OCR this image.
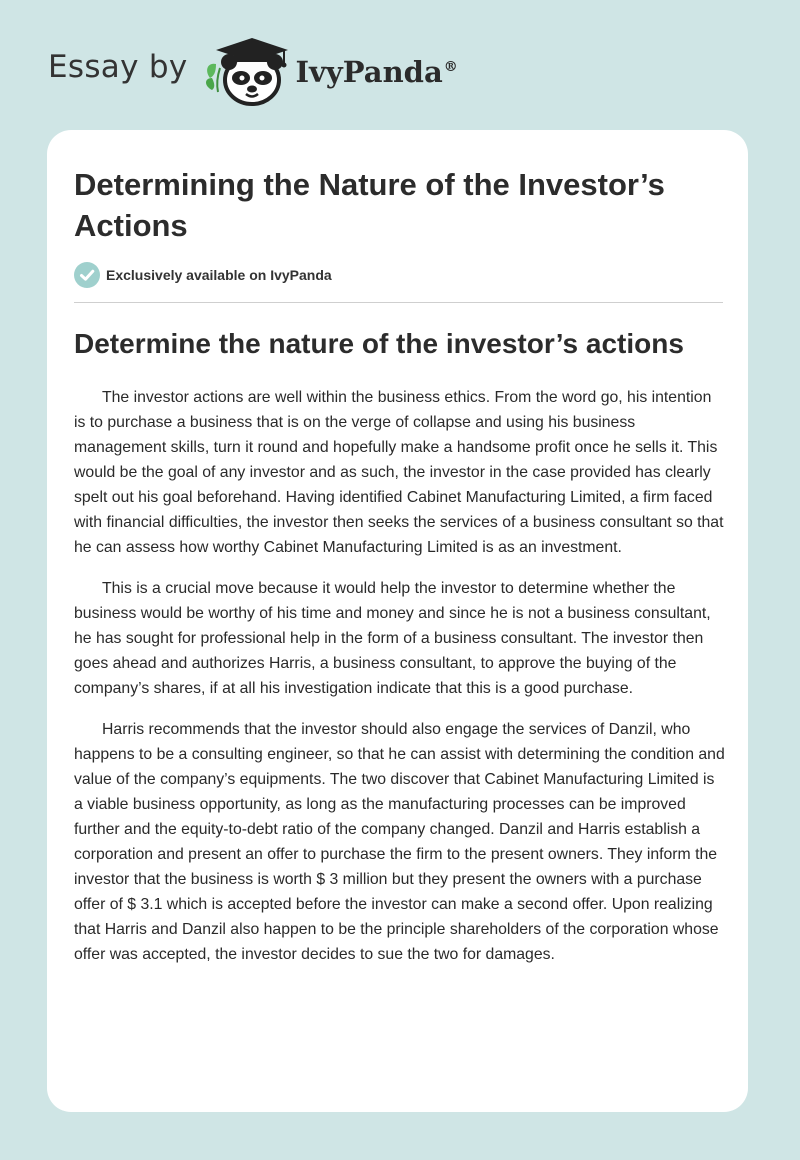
Essay by	IvyPanda®
Determining the Nature of the Investor’s Actions
Exclusively available on IvyPanda
Determine the nature of the investor’s actions

The investor actions are well within the business ethics. From the word go, his intention is to purchase a business that is on the verge of collapse and using his business management skills, turn it round and hopefully make a handsome profit once he sells it. This would be the goal of any investor and as such, the investor in the case provided has clearly spelt out his goal beforehand. Having identified Cabinet Manufacturing Limited, a firm faced with financial difficulties, the investor then seeks the services of a business consultant so that he can assess how worthy Cabinet Manufacturing Limited is as an investment.

This is a crucial move because it would help the investor to determine whether the business would be worthy of his time and money and since he is not a business consultant, he has sought for professional help in the form of a business consultant. The investor then goes ahead and authorizes Harris, a business consultant, to approve the buying of the company’s shares, if at all his investigation indicate that this is a good purchase.

Harris recommends that the investor should also engage the services of Danzil, who happens to be a consulting engineer, so that he can assist with determining the condition and value of the company’s equipments. The two discover that Cabinet Manufacturing Limited is a viable business opportunity, as long as the manufacturing processes can be improved further and the equity-to-debt ratio of the company changed. Danzil and Harris establish a corporation and present an offer to purchase the firm to the present owners. They inform the investor that the business is worth $ 3 million but they present the owners with a purchase offer of $ 3.1 which is accepted before the investor can make a second offer. Upon realizing that Harris and Danzil also happen to be the principle shareholders of the corporation whose offer was accepted, the investor decides to sue the two for damages.
